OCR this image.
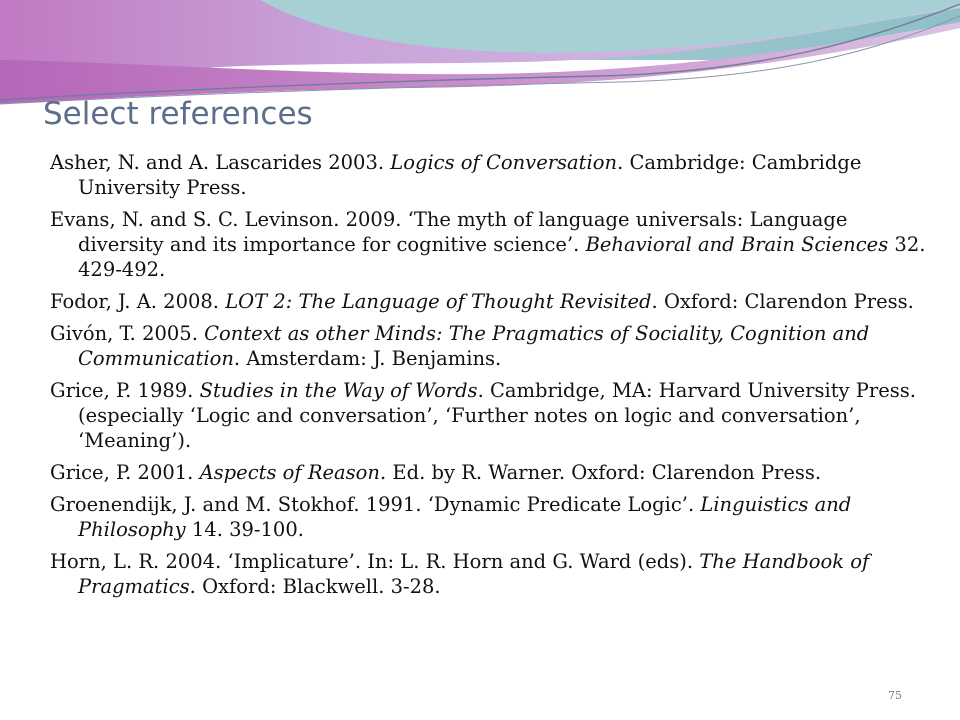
Select references
Asher, N. and A. Lascarides 2003. Logics of Conversation. Cambridge: Cambridge University Press.
Evans, N. and S. C. Levinson. 2009. ‘The myth of language universals: Language diversity and its importance for cognitive science’. Behavioral and Brain Sciences 32. 429-492.
Fodor, J. A. 2008. LOT 2: The Language of Thought Revisited. Oxford: Clarendon Press.
Givón, T. 2005. Context as other Minds: The Pragmatics of Sociality, Cognition and Communication. Amsterdam: J. Benjamins.
Grice, P. 1989. Studies in the Way of Words. Cambridge, MA: Harvard University Press. (especially ‘Logic and conversation’, ‘Further notes on logic and conversation’, ‘Meaning’).
Grice, P. 2001. Aspects of Reason. Ed. by R. Warner. Oxford: Clarendon Press.
Groenendijk, J. and M. Stokhof. 1991. ‘Dynamic Predicate Logic’. Linguistics and Philosophy 14. 39-100.
Horn, L. R. 2004. ‘Implicature’. In: L. R. Horn and G. Ward (eds). The Handbook of Pragmatics. Oxford: Blackwell. 3-28.
75
